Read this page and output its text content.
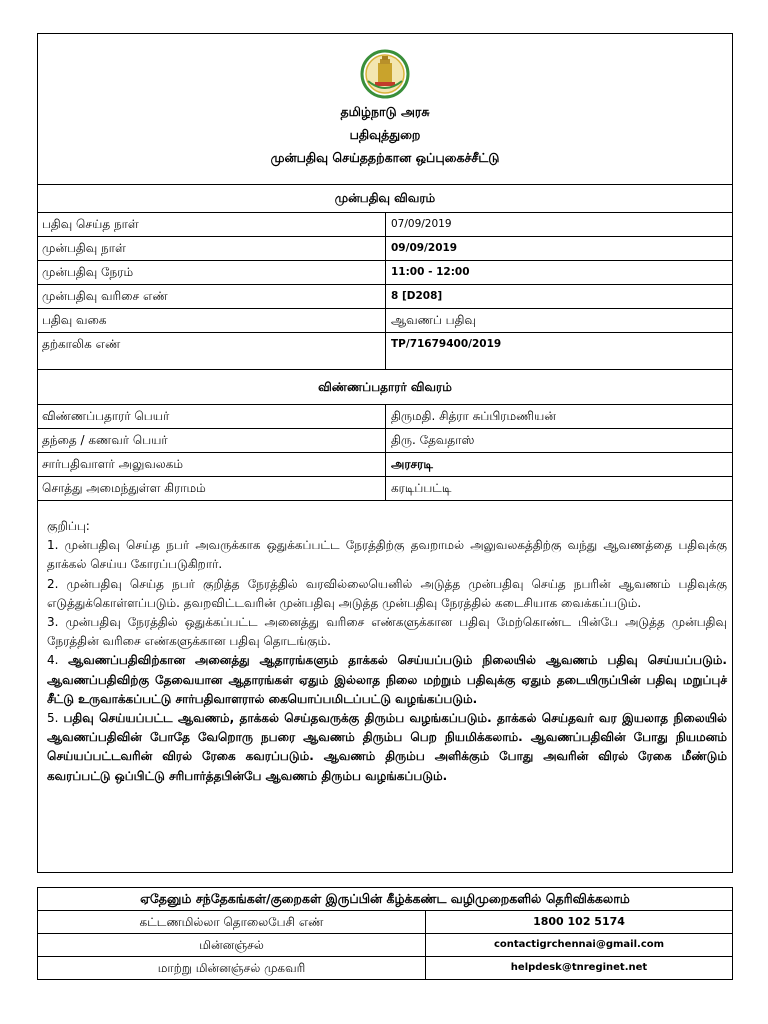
தமிழ்நாடு அரசு
பதிவுத்துறை
முன்பதிவு செய்ததற்கான ஒப்புகைச்சீட்டு
முன்பதிவு விவரம்
பதிவு செய்த நாள்	07/09/2019
முன்பதிவு நாள்	09/09/2019
முன்பதிவு நேரம்	11:00 - 12:00
முன்பதிவு வரிசை எண்	8 [D208]
பதிவு வகை	ஆவணப் பதிவு
தற்காலிக எண்	TP/71679400/2019
விண்ணப்பதாரர் விவரம்
விண்ணப்பதாரர் பெயர்	திருமதி. சித்ரா சுப்பிரமணியன்
தந்தை / கணவர் பெயர்	திரு. தேவதாஸ்
சார்பதிவாளர் அலுவலகம்	அரசரடி
சொத்து அமைந்துள்ள கிராமம்	கரடிப்பட்டி

குறிப்பு:

1. முன்பதிவு செய்த நபர் அவருக்காக ஒதுக்கப்பட்ட நேரத்திற்கு தவறாமல் அலுவலகத்திற்கு வந்து ஆவணத்தை பதிவுக்கு தாக்கல் செய்ய கோரப்படுகிறார்.

2. முன்பதிவு செய்த நபர் குறித்த நேரத்தில் வரவில்லையெனில் அடுத்த முன்பதிவு செய்த நபரின் ஆவணம் பதிவுக்கு எடுத்துக்கொள்ளப்படும். தவறவிட்டவரின் முன்பதிவு அடுத்த முன்பதிவு நேரத்தில் கடைசியாக வைக்கப்படும்.

3. முன்பதிவு நேரத்தில் ஒதுக்கப்பட்ட அனைத்து வரிசை எண்களுக்கான பதிவு மேற்கொண்ட பின்பே அடுத்த முன்பதிவு நேரத்தின் வரிசை எண்களுக்கான பதிவு தொடங்கும்.

4. ஆவணப்பதிவிற்கான அனைத்து ஆதாரங்களும் தாக்கல் செய்யப்படும் நிலையில் ஆவணம் பதிவு செய்யப்படும். ஆவணப்பதிவிற்கு தேவையான ஆதாரங்கள் ஏதும் இல்லாத நிலை மற்றும் பதிவுக்கு ஏதும் தடையிருப்பின் பதிவு மறுப்புச் சீட்டு உருவாக்கப்பட்டு சார்பதிவாளரால் கையொப்பமிடப்பட்டு வழங்கப்படும்.

5. பதிவு செய்யப்பட்ட ஆவணம், தாக்கல் செய்தவருக்கு திரும்ப வழங்கப்படும். தாக்கல் செய்தவர் வர இயலாத நிலையில் ஆவணப்பதிவின் போதே வேறொரு நபரை ஆவணம் திரும்ப பெற நியமிக்கலாம். ஆவணப்பதிவின் போது நியமனம் செய்யப்பட்டவரின் விரல் ரேகை கவரப்படும். ஆவணம் திரும்ப அளிக்கும் போது அவரின் விரல் ரேகை மீண்டும் கவரப்பட்டு ஒப்பிட்டு சரிபார்த்தபின்பே ஆவணம் திரும்ப வழங்கப்படும்.

ஏதேனும் சந்தேகங்கள்/குறைகள் இருப்பின் கீழ்க்கண்ட வழிமுறைகளில் தெரிவிக்கலாம்
கட்டணமில்லா தொலைபேசி எண்	1800 102 5174
மின்னஞ்சல்	contactigrchennai@gmail.com
மாற்று மின்னஞ்சல் முகவரி	helpdesk@tnreginet.net
